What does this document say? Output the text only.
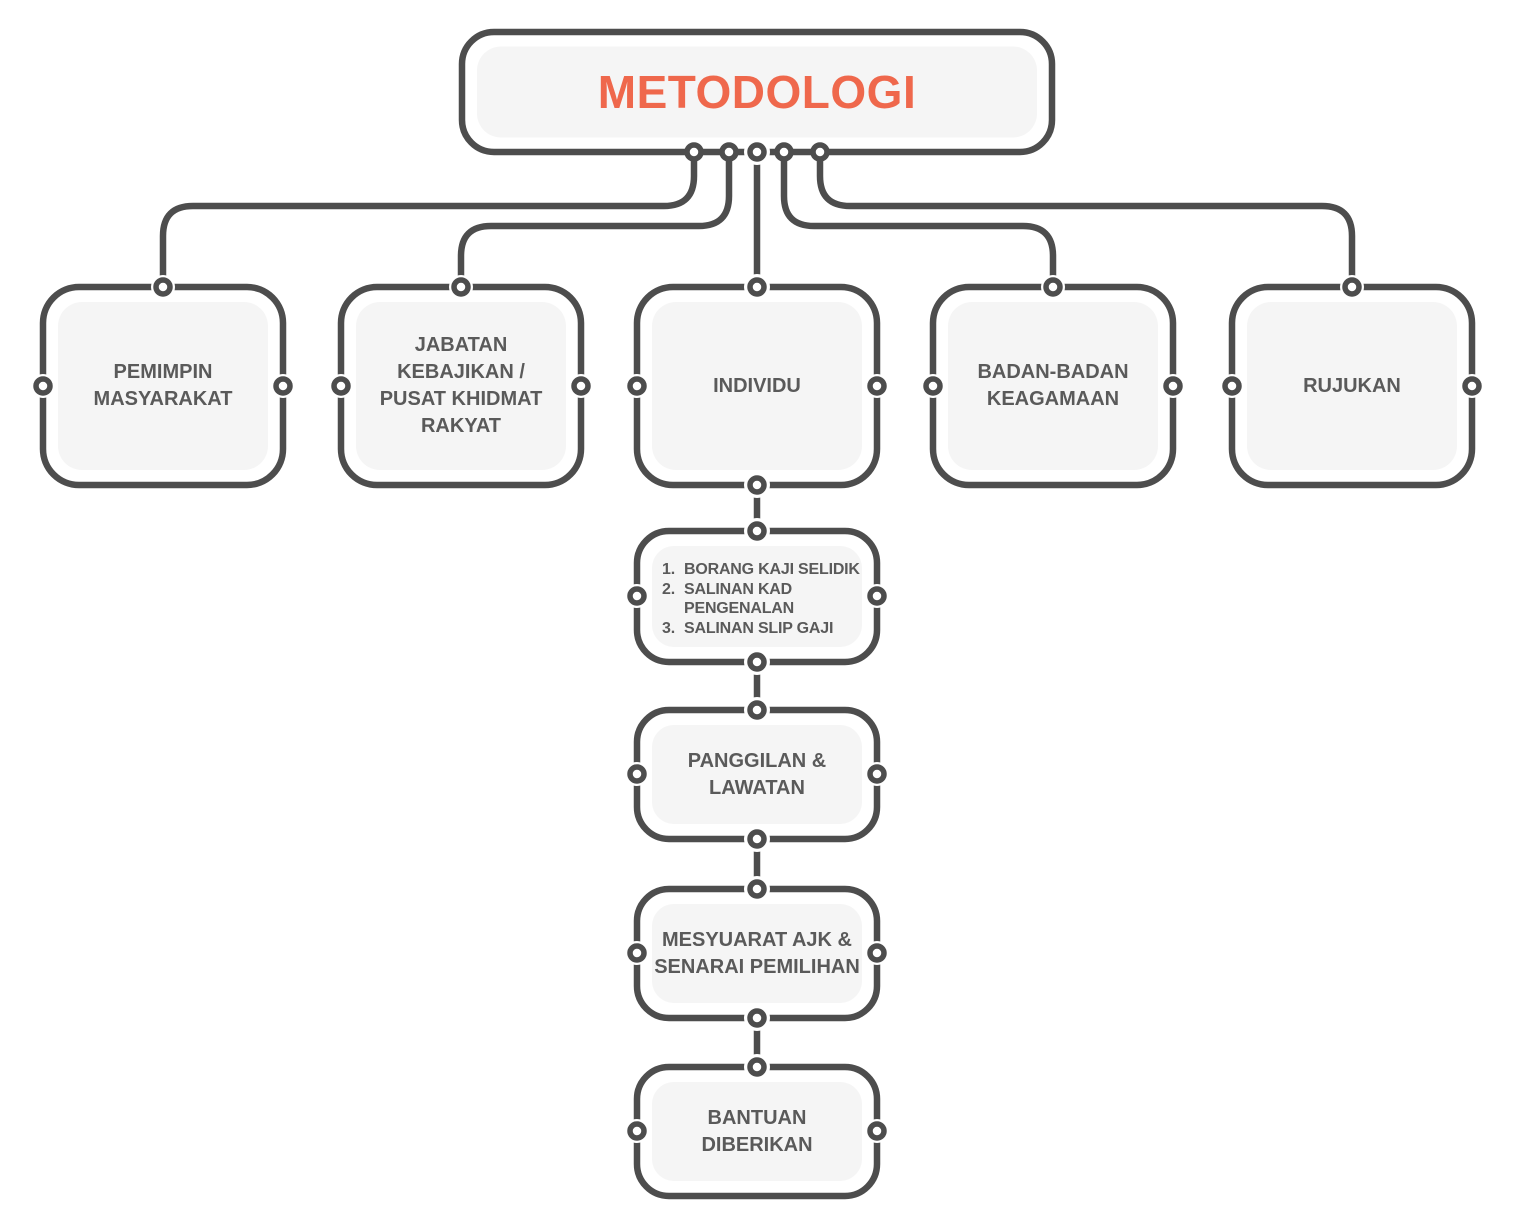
METODOLOGI
PEMIMPIN
MASYARAKAT
JABATAN
KEBAJIKAN /
PUSAT KHIDMAT
RAKYAT
INDIVIDU
BADAN-BADAN
KEAGAMAAN
RUJUKAN
1. BORANG KAJI SELIDIK
2. SALINAN KAD
PENGENALAN
3. SALINAN SLIP GAJI
PANGGILAN &
LAWATAN
MESYUARAT AJK &
SENARAI PEMILIHAN
BANTUAN
DIBERIKAN
